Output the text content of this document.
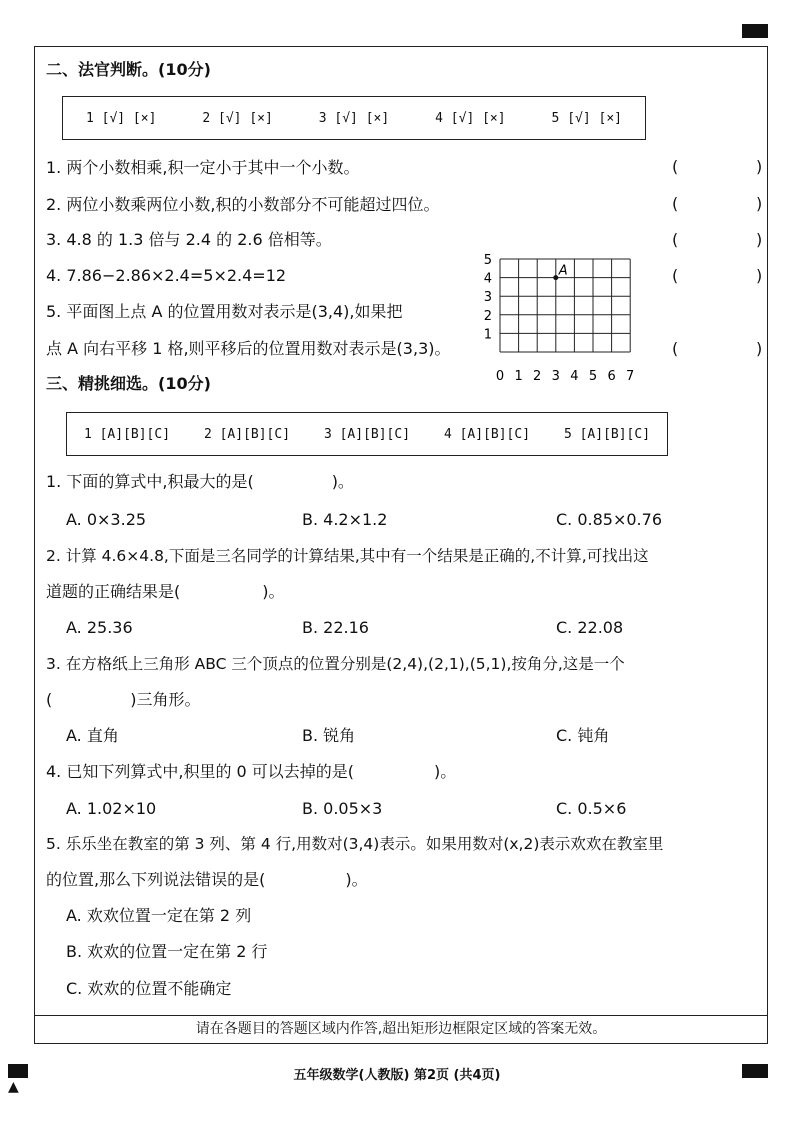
▲
请在各题目的答题区域内作答,超出矩形边框限定区域的答案无效。
二、法官判断。(10分)
1 [√] [×]	2 [√] [×]	3 [√] [×]	4 [√] [×]	5 [√] [×]
1. 两个小数相乘,积一定小于其中一个小数。
2. 两位小数乘两位小数,积的小数部分不可能超过四位。
3. 4.8 的 1.3 倍与 2.4 的 2.6 倍相等。
4. 7.86−2.86×2.4=5×2.4=12
5. 平面图上点 A 的位置用数对表示是(3,4),如果把
点 A 向右平移 1 格,则平移后的位置用数对表示是(3,3)。
(	)
(	)
(	)
(	)
(	)
0 1 2 3 4 5 6 7
1
2
3
4
5
A
三、精挑细选。(10分)
1 [A][B][C]	2 [A][B][C]	3 [A][B][C]	4 [A][B][C]	5 [A][B][C]
1. 下面的算式中,积最大的是(	)。
A. 0×3.25	B. 4.2×1.2	C. 0.85×0.76
2. 计算 4.6×4.8,下面是三名同学的计算结果,其中有一个结果是正确的,不计算,可找出这
道题的正确结果是(	)。
A. 25.36	B. 22.16	C. 22.08
3. 在方格纸上三角形 ABC 三个顶点的位置分别是(2,4),(2,1),(5,1),按角分,这是一个
(	)三角形。
A. 直角	B. 锐角	C. 钝角
4. 已知下列算式中,积里的 0 可以去掉的是(	)。
A. 1.02×10	B. 0.05×3	C. 0.5×6
5. 乐乐坐在教室的第 3 列、第 4 行,用数对(3,4)表示。如果用数对(x,2)表示欢欢在教室里
的位置,那么下列说法错误的是(	)。
A. 欢欢位置一定在第 2 列
B. 欢欢的位置一定在第 2 行
C. 欢欢的位置不能确定
五年级数学(人教版) 第2页 (共4页)
